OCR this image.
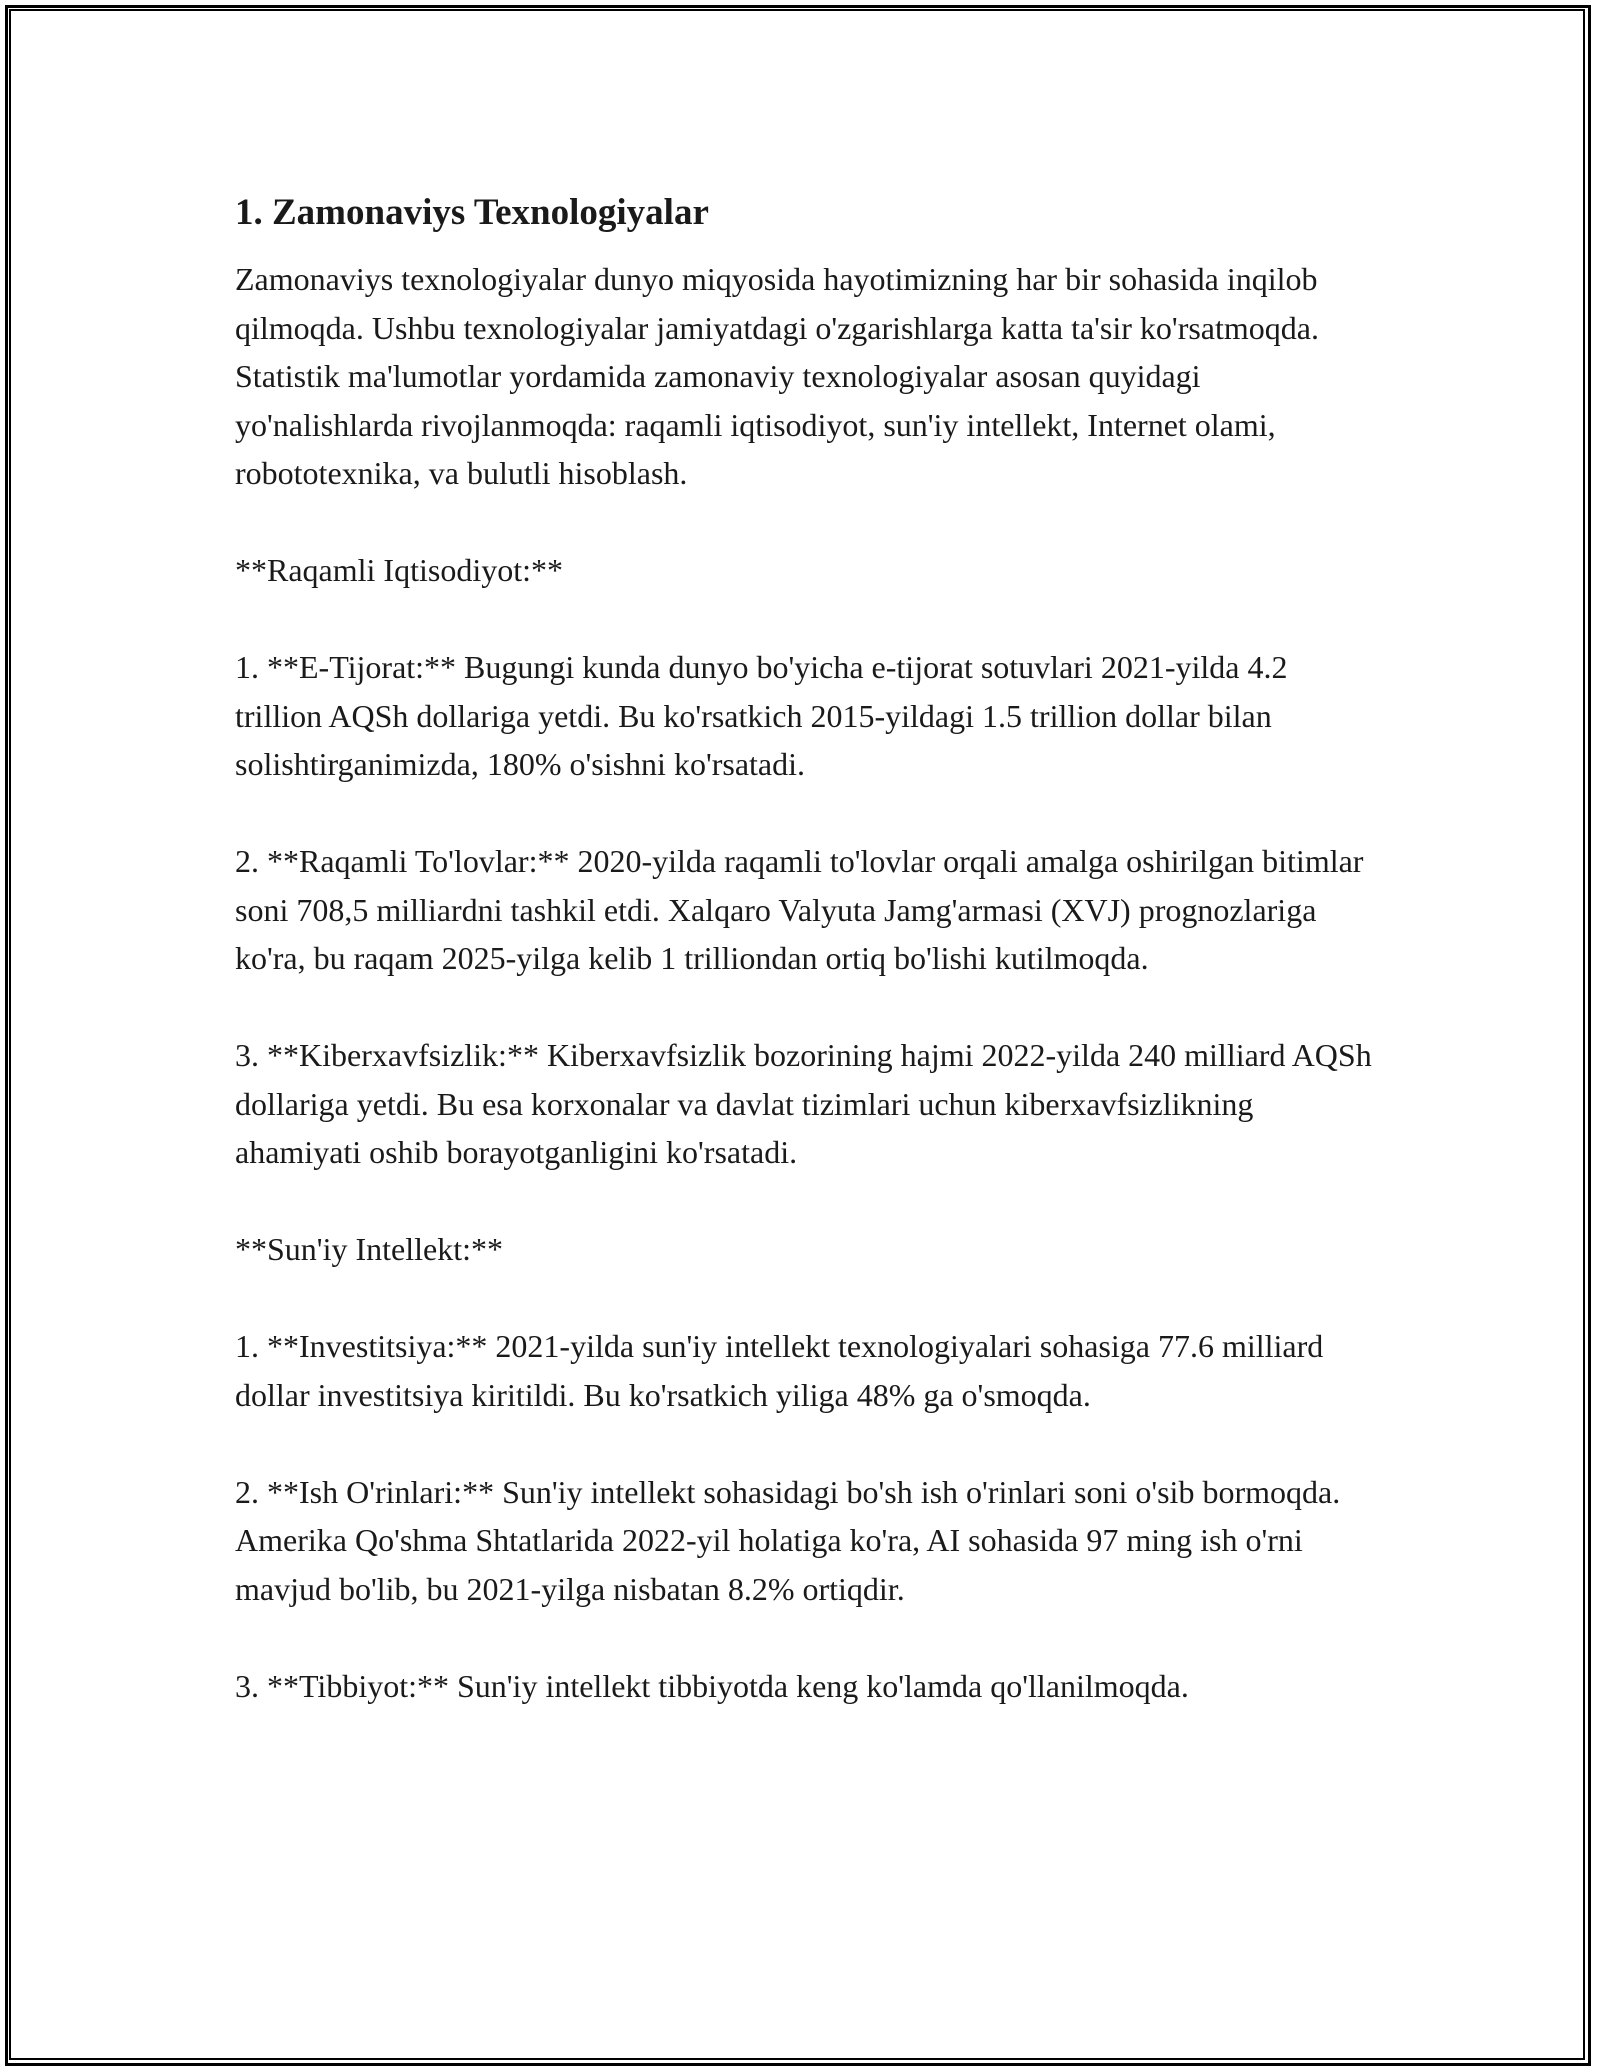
1. Zamonaviys Texnologiyalar
Zamonaviys texnologiyalar dunyo miqyosida hayotimizning har bir sohasida inqilob qilmoqda. Ushbu texnologiyalar jamiyatdagi o'zgarishlarga katta ta'sir ko'rsatmoqda. Statistik ma'lumotlar yordamida zamonaviy texnologiyalar asosan quyidagi yo'nalishlarda rivojlanmoqda: raqamli iqtisodiyot, sun'iy intellekt, Internet olami, robototexnika, va bulutli hisoblash.
**Raqamli Iqtisodiyot:**
1. **E-Tijorat:** Bugungi kunda dunyo bo'yicha e-tijorat sotuvlari 2021-yilda 4.2 trillion AQSh dollariga yetdi. Bu ko'rsatkich 2015-yildagi 1.5 trillion dollar bilan solishtirganimizda, 180% o'sishni ko'rsatadi.
2. **Raqamli To'lovlar:** 2020-yilda raqamli to'lovlar orqali amalga oshirilgan bitimlar soni 708,5 milliardni tashkil etdi. Xalqaro Valyuta Jamg'armasi (XVJ) prognozlariga ko'ra, bu raqam 2025-yilga kelib 1 trilliondan ortiq bo'lishi kutilmoqda.
3. **Kiberxavfsizlik:** Kiberxavfsizlik bozorining hajmi 2022-yilda 240 milliard AQSh dollariga yetdi. Bu esa korxonalar va davlat tizimlari uchun kiberxavfsizlikning ahamiyati oshib borayotganligini ko'rsatadi.
**Sun'iy Intellekt:**
1. **Investitsiya:** 2021-yilda sun'iy intellekt texnologiyalari sohasiga 77.6 milliard dollar investitsiya kiritildi. Bu ko'rsatkich yiliga 48% ga o'smoqda.
2. **Ish O'rinlari:** Sun'iy intellekt sohasidagi bo'sh ish o'rinlari soni o'sib bormoqda. Amerika Qo'shma Shtatlarida 2022-yil holatiga ko'ra, AI sohasida 97 ming ish o'rni mavjud bo'lib, bu 2021-yilga nisbatan 8.2% ortiqdir.
3. **Tibbiyot:** Sun'iy intellekt tibbiyotda keng ko'lamda qo'llanilmoqda.
